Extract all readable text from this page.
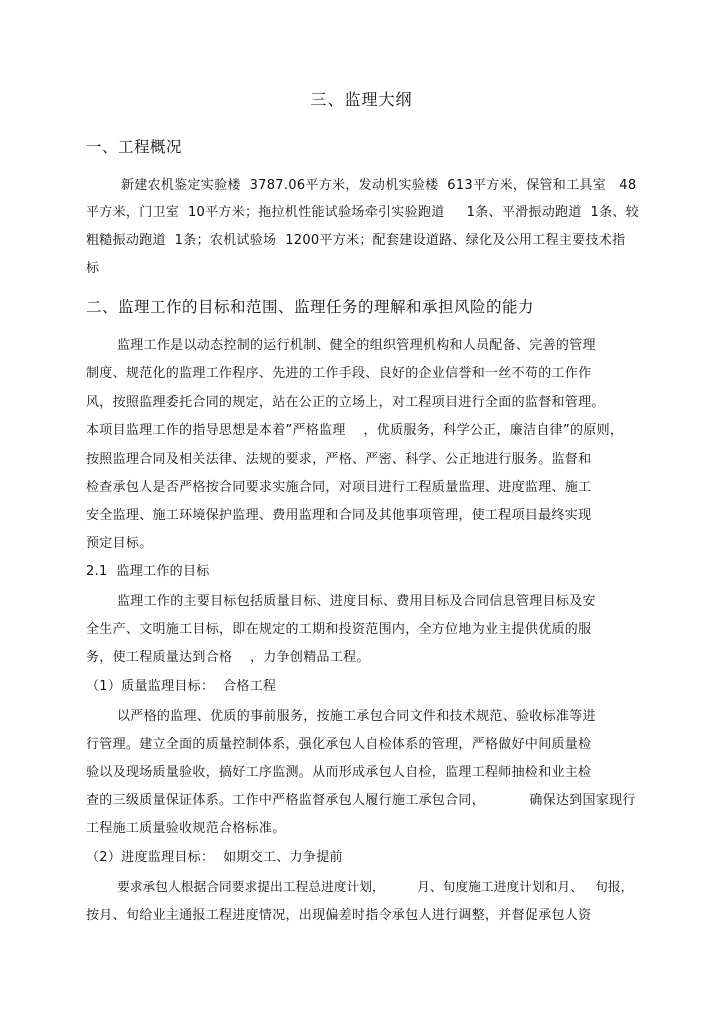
三、监理大纲
一、工程概况
新建农机鉴定实验楼  3787.06平方米，发动机实验楼  613平方米，保管和工具室   48
平方米，门卫室  10平方米；拖拉机性能试验场牵引实验跑道     1条、平滑振动跑道  1条、较
粗糙振动跑道  1条；农机试验场  1200平方米；配套建设道路、绿化及公用工程主要技术指
标
二、监理工作的目标和范围、监理任务的理解和承担风险的能力
监理工作是以动态控制的运行机制、健全的组织管理机构和人员配备、完善的管理
制度、规范化的监理工作程序、先进的工作手段、良好的企业信誉和一丝不苟的工作作
风，按照监理委托合同的规定，站在公正的立场上，对工程项目进行全面的监督和管理。
本项目监理工作的指导思想是本着”严格监理    ，优质服务，科学公正，廉洁自律”的原则，
按照监理合同及相关法律、法规的要求，严格、严密、科学、公正地进行服务。监督和
检查承包人是否严格按合同要求实施合同，对项目进行工程质量监理、进度监理、施工
安全监理、施工环境保护监理、费用监理和合同及其他事项管理，使工程项目最终实现
预定目标。
2.1  监理工作的目标
监理工作的主要目标包括质量目标、进度目标、费用目标及合同信息管理目标及安
全生产、文明施工目标，即在规定的工期和投资范围内，全方位地为业主提供优质的服
务，使工程质量达到合格    ，力争创精品工程。
（1）质量监理目标：  合格工程
以严格的监理、优质的事前服务，按施工承包合同文件和技术规范、验收标准等进
行管理。建立全面的质量控制体系，强化承包人自检体系的管理，严格做好中间质量检
验以及现场质量验收，搞好工序监测。从而形成承包人自检，监理工程师抽检和业主检
查的三级质量保证体系。工作中严格监督承包人履行施工承包合同，          确保达到国家现行
工程施工质量验收规范合格标准。
（2）进度监理目标：  如期交工、力争提前
要求承包人根据合同要求提出工程总进度计划，        月、旬度施工进度计划和月、   旬报，
按月、旬给业主通报工程进度情况，出现偏差时指令承包人进行调整，并督促承包人资
